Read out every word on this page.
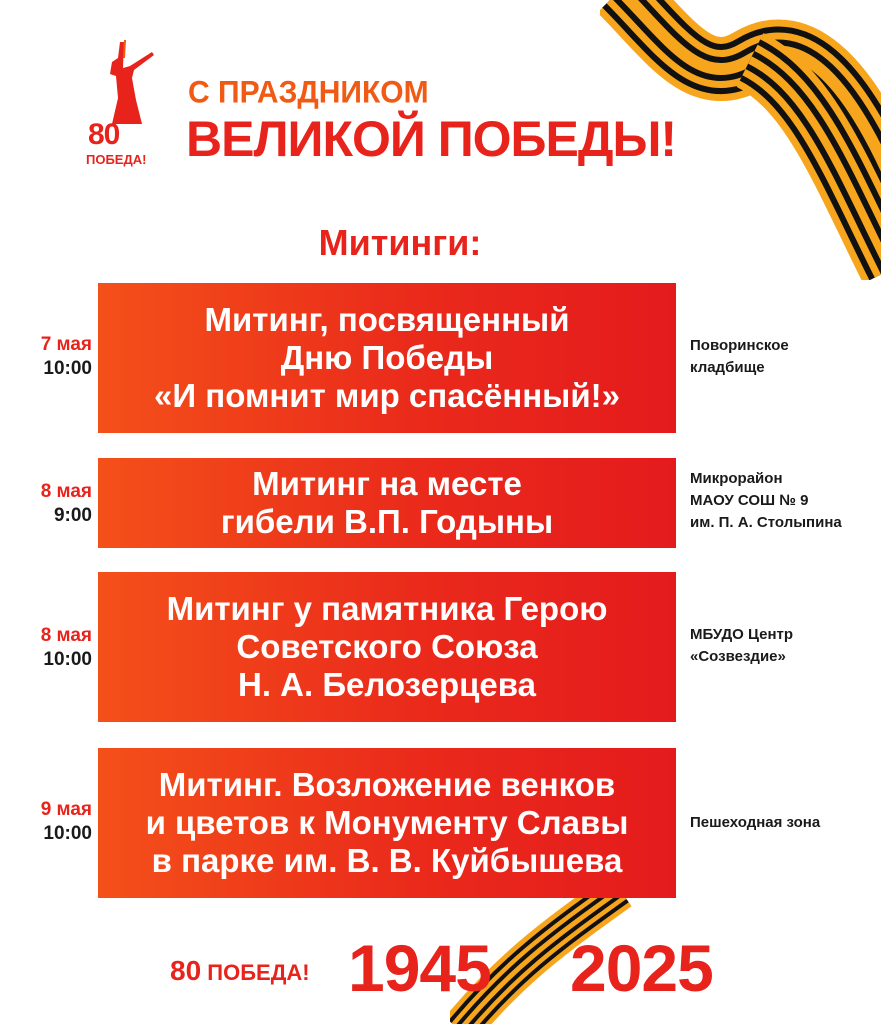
80
ПОБЕДА!
С ПРАЗДНИКОМ
ВЕЛИКОЙ ПОБЕДЫ!
Митинги:
7 мая
10:00
Митинг, посвященный
Дню Победы
«И помнит мир спасённый!»
Поворинское
кладбище
8 мая
9:00
Митинг на месте
гибели В.П. Годыны
Микрорайон
МАОУ СОШ № 9
им. П. А. Столыпина
8 мая
10:00
Митинг у памятника Герою
Советского Союза
Н. А. Белозерцева
МБУДО Центр
«Созвездие»
9 мая
10:00
Митинг. Возложение венков
и цветов к Монументу Славы
в парке им. В. В. Куйбышева
Пешеходная зона
80 ПОБЕДА! 1945 2025
